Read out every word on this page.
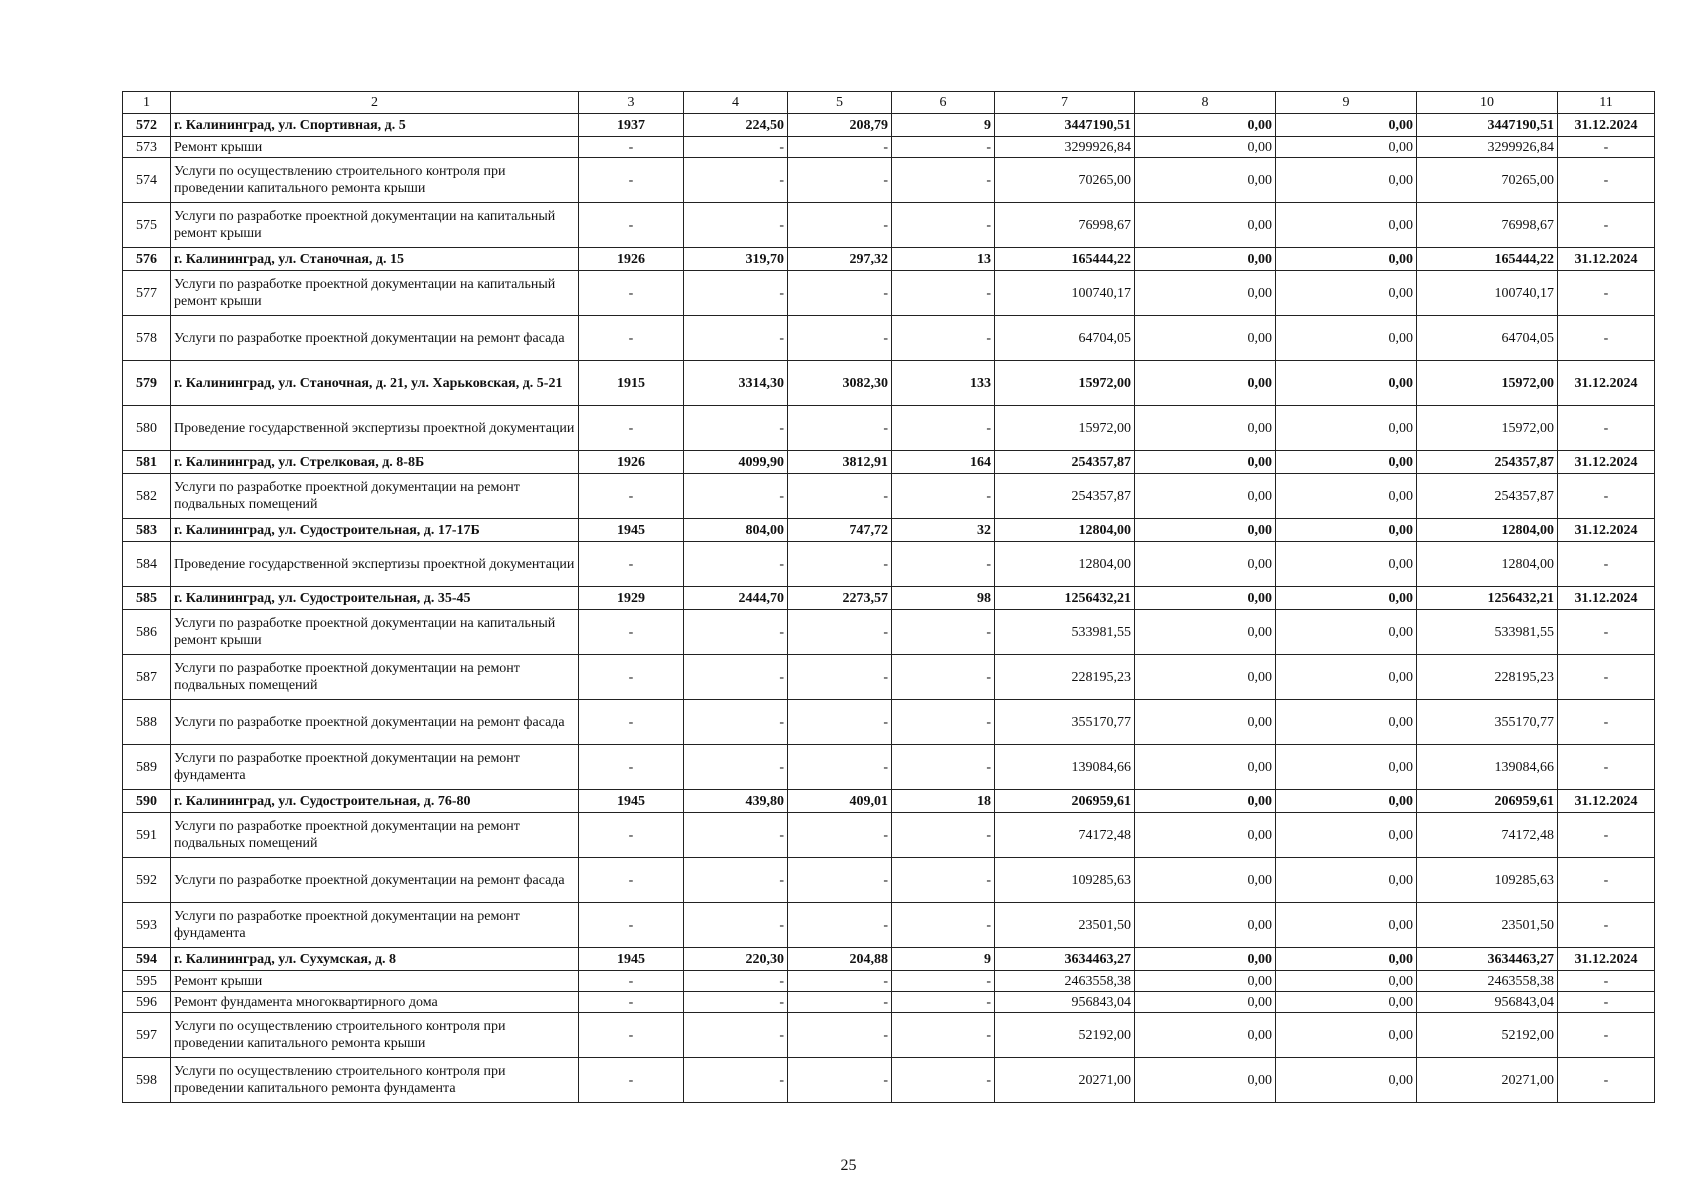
1	2	3	4	5	6	7	8	9	10	11
572	г. Калининград, ул. Спортивная, д. 5	1937	224,50	208,79	9	3447190,51	0,00	0,00	3447190,51	31.12.2024
573	Ремонт крыши	-	-	-	-	3299926,84	0,00	0,00	3299926,84	-
574	Услуги по осуществлению строительного контроля при проведении капитального ремонта крыши	-	-	-	-	70265,00	0,00	0,00	70265,00	-
575	Услуги по разработке проектной документации на капитальный ремонт крыши	-	-	-	-	76998,67	0,00	0,00	76998,67	-
576	г. Калининград, ул. Станочная, д. 15	1926	319,70	297,32	13	165444,22	0,00	0,00	165444,22	31.12.2024
577	Услуги по разработке проектной документации на капитальный ремонт крыши	-	-	-	-	100740,17	0,00	0,00	100740,17	-
578	Услуги по разработке проектной документации на ремонт фасада	-	-	-	-	64704,05	0,00	0,00	64704,05	-
579	г. Калининград, ул. Станочная, д. 21, ул. Харьковская, д. 5-21	1915	3314,30	3082,30	133	15972,00	0,00	0,00	15972,00	31.12.2024
580	Проведение государственной экспертизы проектной документации	-	-	-	-	15972,00	0,00	0,00	15972,00	-
581	г. Калининград, ул. Стрелковая, д. 8-8Б	1926	4099,90	3812,91	164	254357,87	0,00	0,00	254357,87	31.12.2024
582	Услуги по разработке проектной документации на ремонт подвальных помещений	-	-	-	-	254357,87	0,00	0,00	254357,87	-
583	г. Калининград, ул. Судостроительная, д. 17-17Б	1945	804,00	747,72	32	12804,00	0,00	0,00	12804,00	31.12.2024
584	Проведение государственной экспертизы проектной документации	-	-	-	-	12804,00	0,00	0,00	12804,00	-
585	г. Калининград, ул. Судостроительная, д. 35-45	1929	2444,70	2273,57	98	1256432,21	0,00	0,00	1256432,21	31.12.2024
586	Услуги по разработке проектной документации на капитальный ремонт крыши	-	-	-	-	533981,55	0,00	0,00	533981,55	-
587	Услуги по разработке проектной документации на ремонт подвальных помещений	-	-	-	-	228195,23	0,00	0,00	228195,23	-
588	Услуги по разработке проектной документации на ремонт фасада	-	-	-	-	355170,77	0,00	0,00	355170,77	-
589	Услуги по разработке проектной документации на ремонт фундамента	-	-	-	-	139084,66	0,00	0,00	139084,66	-
590	г. Калининград, ул. Судостроительная, д. 76-80	1945	439,80	409,01	18	206959,61	0,00	0,00	206959,61	31.12.2024
591	Услуги по разработке проектной документации на ремонт подвальных помещений	-	-	-	-	74172,48	0,00	0,00	74172,48	-
592	Услуги по разработке проектной документации на ремонт фасада	-	-	-	-	109285,63	0,00	0,00	109285,63	-
593	Услуги по разработке проектной документации на ремонт фундамента	-	-	-	-	23501,50	0,00	0,00	23501,50	-
594	г. Калининград, ул. Сухумская, д. 8	1945	220,30	204,88	9	3634463,27	0,00	0,00	3634463,27	31.12.2024
595	Ремонт крыши	-	-	-	-	2463558,38	0,00	0,00	2463558,38	-
596	Ремонт фундамента многоквартирного дома	-	-	-	-	956843,04	0,00	0,00	956843,04	-
597	Услуги по осуществлению строительного контроля при проведении капитального ремонта крыши	-	-	-	-	52192,00	0,00	0,00	52192,00	-
598	Услуги по осуществлению строительного контроля при проведении капитального ремонта фундамента	-	-	-	-	20271,00	0,00	0,00	20271,00	-
25
